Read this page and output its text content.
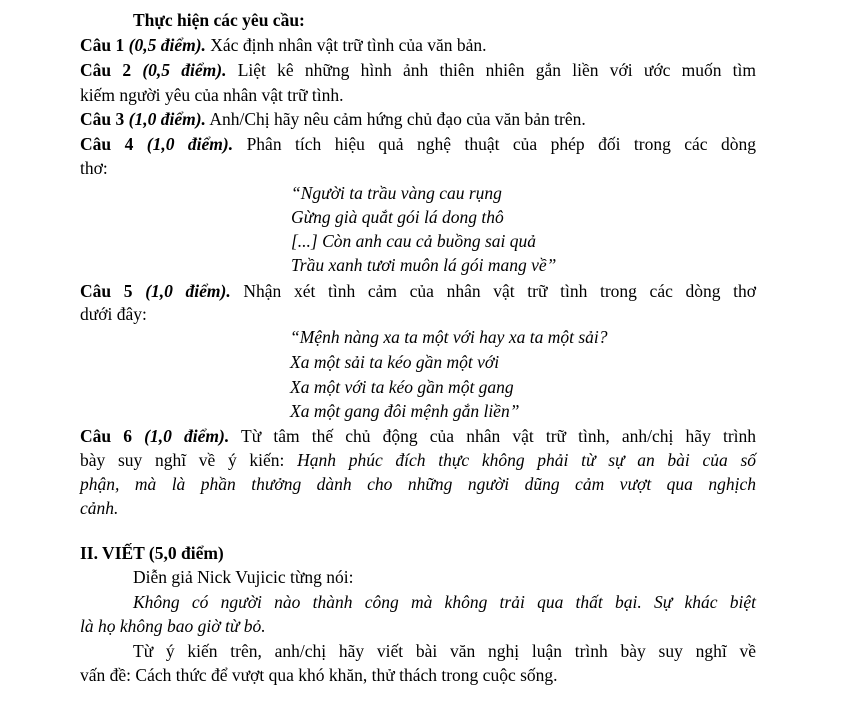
Thực hiện các yêu cầu:
Câu 1 (0,5 điểm). Xác định nhân vật trữ tình của văn bản.
Câu 2 (0,5 điểm). Liệt kê những hình ảnh thiên nhiên gắn liền với ước muốn tìm
kiếm người yêu của nhân vật trữ tình.
Câu 3 (1,0 điểm). Anh/Chị hãy nêu cảm hứng chủ đạo của văn bản trên.
Câu 4 (1,0 điểm). Phân tích hiệu quả nghệ thuật của phép đối trong các dòng
thơ:
“Người ta trầu vàng cau rụng
Gừng già quắt gói lá dong thô
[...] Còn anh cau cả buồng sai quả
Trầu xanh tươi muôn lá gói mang về”
Câu 5 (1,0 điểm). Nhận xét tình cảm của nhân vật trữ tình trong các dòng thơ
dưới đây:
“Mệnh nàng xa ta một với hay xa ta một sải?
Xa một sải ta kéo gần một với
Xa một với ta kéo gần một gang
Xa một gang đôi mệnh gắn liền”
Câu 6 (1,0 điểm). Từ tâm thế chủ động của nhân vật trữ tình, anh/chị hãy trình
bày suy nghĩ về ý kiến: Hạnh phúc đích thực không phải từ sự an bài của số
phận, mà là phần thưởng dành cho những người dũng cảm vượt qua nghịch
cảnh.
II. VIẾT (5,0 điểm)
Diễn giả Nick Vujicic từng nói:
Không có người nào thành công mà không trải qua thất bại. Sự khác biệt
là họ không bao giờ từ bỏ.
Từ ý kiến trên, anh/chị hãy viết bài văn nghị luận trình bày suy nghĩ về
vấn đề: Cách thức để vượt qua khó khăn, thử thách trong cuộc sống.
